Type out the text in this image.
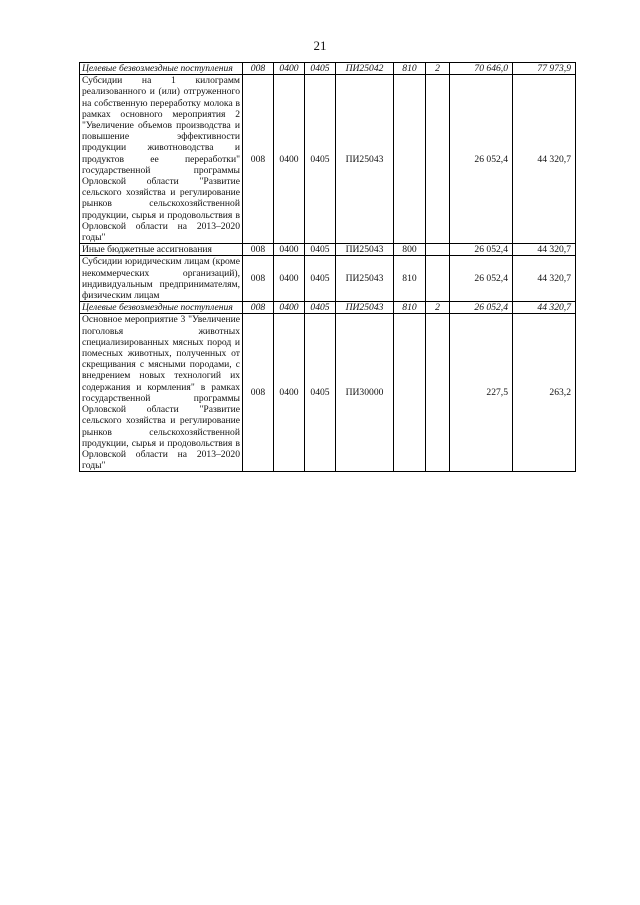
21
Целевые безвозмездные поступления	008	0400	0405	ПИ25042	810	2	70 646,0	77 973,9
Субсидии на 1 килограмм реализованного и (или) отгруженного на собственную переработку молока в рамках основного мероприятия 2 "Увеличение объемов производства и повышение эффективности продукции животноводства и продуктов ее переработки" государственной программы Орловской области "Развитие сельского хозяйства и регулирование рынков сельскохозяйственной продукции, сырья и продовольствия в Орловской области на 2013–2020 годы"	008	0400	0405	ПИ25043			26 052,4	44 320,7
Иные бюджетные ассигнования	008	0400	0405	ПИ25043	800		26 052,4	44 320,7
Субсидии юридическим лицам (кроме некоммерческих организаций), индивидуальным предпринимателям, физическим лицам	008	0400	0405	ПИ25043	810		26 052,4	44 320,7
Целевые безвозмездные поступления	008	0400	0405	ПИ25043	810	2	26 052,4	44 320,7
Основное мероприятие 3 "Увеличение поголовья животных специализированных мясных пород и помесных животных, полученных от скрещивания с мясными породами, с внедрением новых технологий их содержания и кормления" в рамках государственной программы Орловской области "Развитие сельского хозяйства и регулирование рынков сельскохозяйственной продукции, сырья и продовольствия в Орловской области на 2013–2020 годы"	008	0400	0405	ПИ30000			227,5	263,2
